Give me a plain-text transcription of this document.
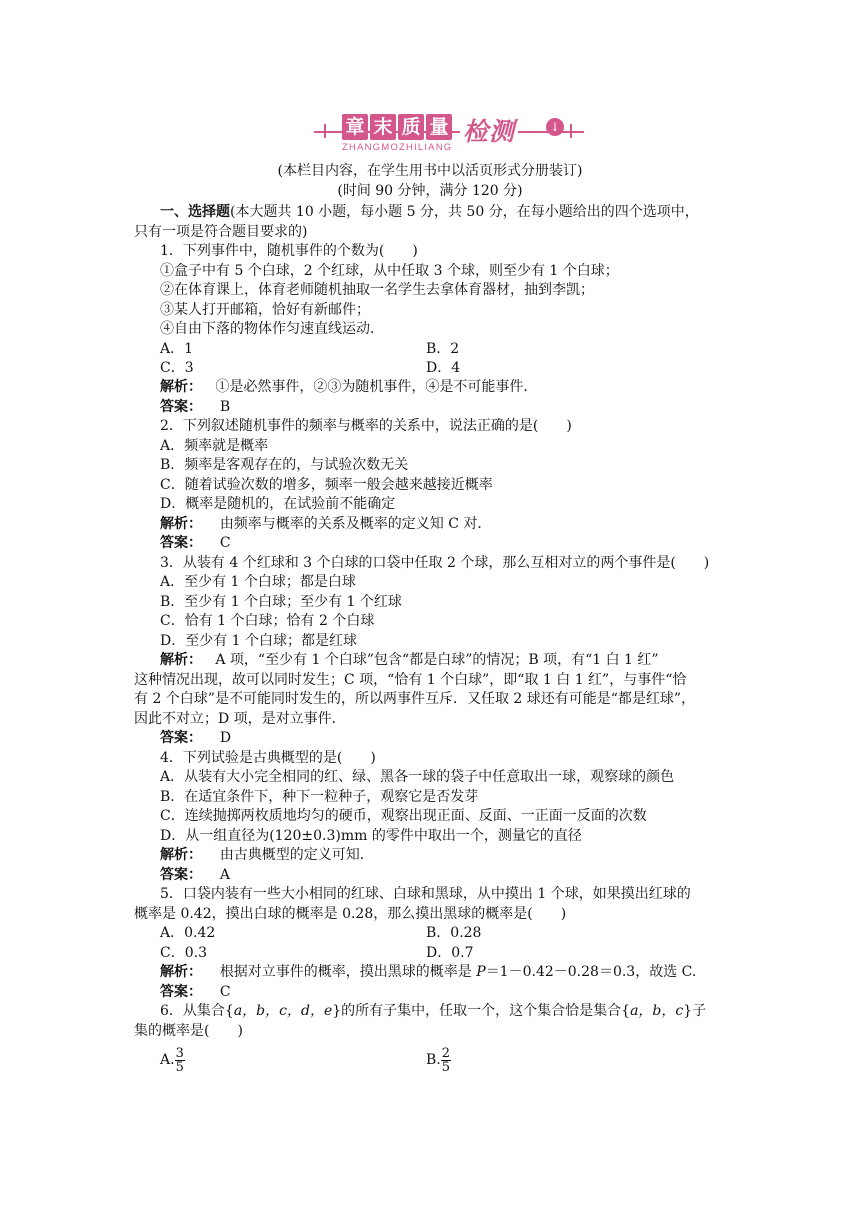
章 末 质 量 检测	↓
ZHANGMOZHILIANG
(本栏目内容，在学生用书中以活页形式分册装订)
(时间 90 分钟，满分 120 分)
一、选择题(本大题共 10 小题，每小题 5 分，共 50 分，在每小题给出的四个选项中，
只有一项是符合题目要求的)
1．下列事件中，随机事件的个数为(　　)
①盒子中有 5 个白球，2 个红球，从中任取 3 个球，则至少有 1 个白球；
②在体育课上，体育老师随机抽取一名学生去拿体育器材，抽到李凯；
③某人打开邮箱，恰好有新邮件；
④自由下落的物体作匀速直线运动．
A．1	B．2
C．3	D．4
解析： ①是必然事件，②③为随机事件，④是不可能事件．
答案： B
2．下列叙述随机事件的频率与概率的关系中，说法正确的是(　　)
A．频率就是概率
B．频率是客观存在的，与试验次数无关
C．随着试验次数的增多，频率一般会越来越接近概率
D．概率是随机的，在试验前不能确定
解析： 由频率与概率的关系及概率的定义知 C 对．
答案： C
3．从装有 4 个红球和 3 个白球的口袋中任取 2 个球，那么互相对立的两个事件是(　　)
A．至少有 1 个白球；都是白球
B．至少有 1 个白球；至少有 1 个红球
C．恰有 1 个白球；恰有 2 个白球
D．至少有 1 个白球；都是红球
解析： A 项，“至少有 1 个白球”包含“都是白球”的情况；B 项，有“1 白 1 红”
这种情况出现，故可以同时发生；C 项，“恰有 1 个白球”，即“取 1 白 1 红”，与事件“恰
有 2 个白球”是不可能同时发生的，所以两事件互斥．又任取 2 球还有可能是“都是红球”，
因此不对立；D 项，是对立事件．
答案： D
4．下列试验是古典概型的是(　　)
A．从装有大小完全相同的红、绿、黑各一球的袋子中任意取出一球，观察球的颜色
B．在适宜条件下，种下一粒种子，观察它是否发芽
C．连续抛掷两枚质地均匀的硬币，观察出现正面、反面、一正面一反面的次数
D．从一组直径为(120±0.3)mm 的零件中取出一个，测量它的直径
解析： 由古典概型的定义可知．
答案： A
5．口袋内装有一些大小相同的红球、白球和黑球，从中摸出 1 个球，如果摸出红球的
概率是 0.42，摸出白球的概率是 0.28，那么摸出黑球的概率是(　　)
A．0.42	B．0.28
C．0.3	D．0.7
解析： 根据对立事件的概率，摸出黑球的概率是 P＝1－0.42－0.28＝0.3，故选 C.
答案： C
6．从集合{a，b，c，d，e}的所有子集中，任取一个，这个集合恰是集合{a，b，c}子
集的概率是(　　)
A. $\frac{3}{5}$	B. $\frac{2}{5}$
